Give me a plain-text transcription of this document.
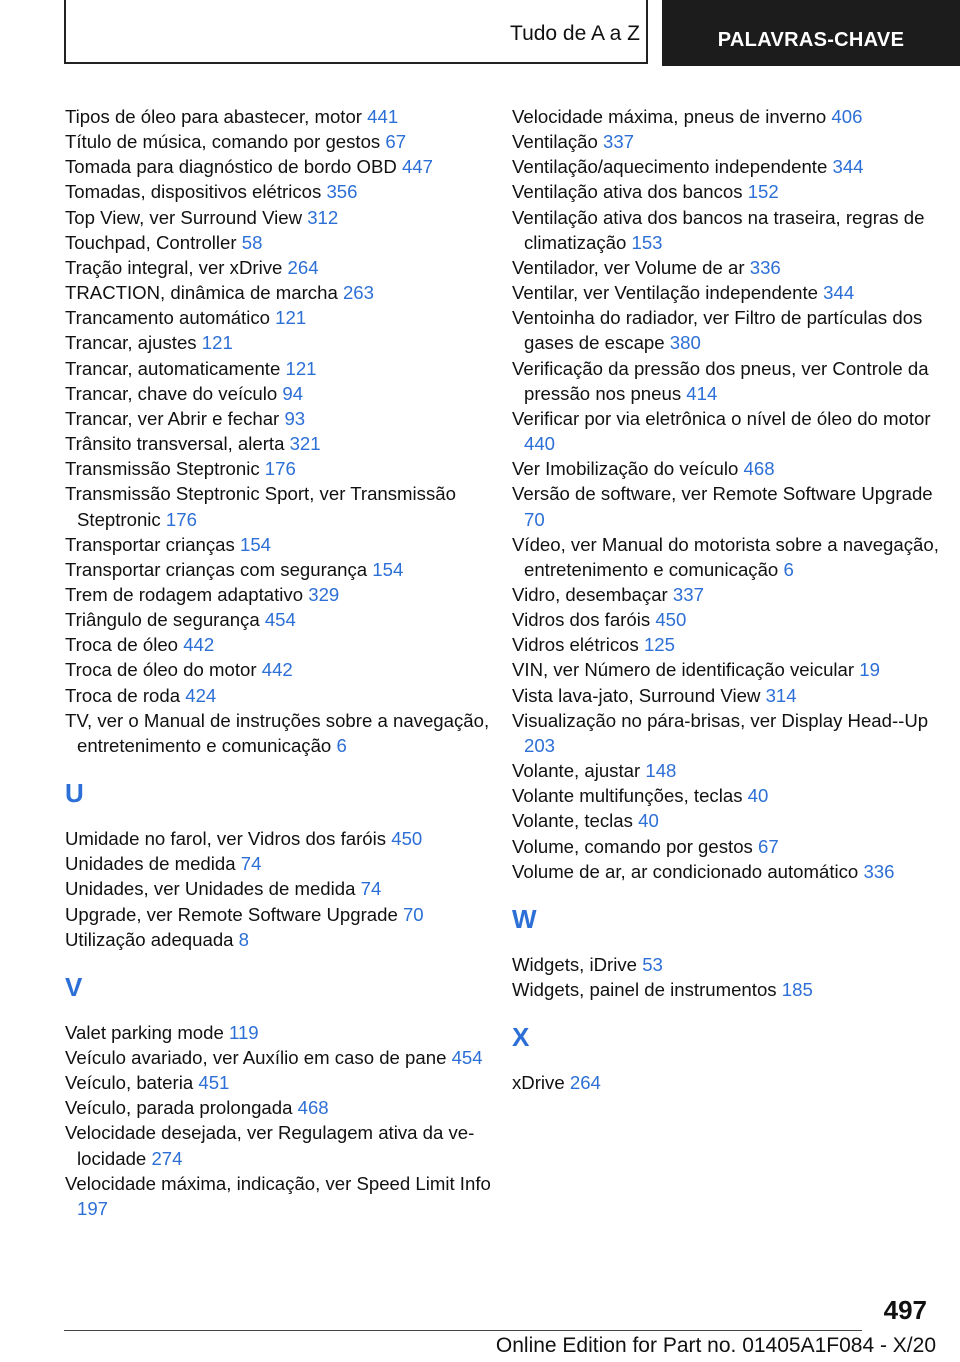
Tudo de A a Z	PALAVRAS-CHAVE
Tipos de óleo para abastecer, motor 441
Título de música, comando por gestos 67
Tomada para diagnóstico de bordo OBD 447
Tomadas, dispositivos elétricos 356
Top View, ver Surround View 312
Touchpad, Controller 58
Tração integral, ver xDrive 264
TRACTION, dinâmica de marcha 263
Trancamento automático 121
Trancar, ajustes 121
Trancar, automaticamente 121
Trancar, chave do veículo 94
Trancar, ver Abrir e fechar 93
Trânsito transversal, alerta 321
Transmissão Steptronic 176
Transmissão Steptronic Sport, ver Transmissão Steptronic 176
Transportar crianças 154
Transportar crianças com segurança 154
Trem de rodagem adaptativo 329
Triângulo de segurança 454
Troca de óleo 442
Troca de óleo do motor 442
Troca de roda 424
TV, ver o Manual de instruções sobre a navegação, entretenimento e comunicação 6
U
Umidade no farol, ver Vidros dos faróis 450
Unidades de medida 74
Unidades, ver Unidades de medida 74
Upgrade, ver Remote Software Upgrade 70
Utilização adequada 8
V
Valet parking mode 119
Veículo avariado, ver Auxílio em caso de pane 454
Veículo, bateria 451
Veículo, parada prolongada 468
Velocidade desejada, ver Regulagem ativa da velocidade 274
Velocidade máxima, indicação, ver Speed Limit Info 197
Velocidade máxima, pneus de inverno 406
Ventilação 337
Ventilação/aquecimento independente 344
Ventilação ativa dos bancos 152
Ventilação ativa dos bancos na traseira, regras de climatização 153
Ventilador, ver Volume de ar 336
Ventilar, ver Ventilação independente 344
Ventoinha do radiador, ver Filtro de partículas dos gases de escape 380
Verificação da pressão dos pneus, ver Controle da pressão nos pneus 414
Verificar por via eletrônica o nível de óleo do motor 440
Ver Imobilização do veículo 468
Versão de software, ver Remote Software Upgrade 70
Vídeo, ver Manual do motorista sobre a navegação, entretenimento e comunicação 6
Vidro, desembaçar 337
Vidros dos faróis 450
Vidros elétricos 125
VIN, ver Número de identificação veicular 19
Vista lava-jato, Surround View 314
Visualização no pára-brisas, ver Display Head-⁠-Up 203
Volante, ajustar 148
Volante multifunções, teclas 40
Volante, teclas 40
Volume, comando por gestos 67
Volume de ar, ar condicionado automático 336
W
Widgets, iDrive 53
Widgets, painel de instrumentos 185
X
xDrive 264
497
Online Edition for Part no. 01405A1F084 - X/20
